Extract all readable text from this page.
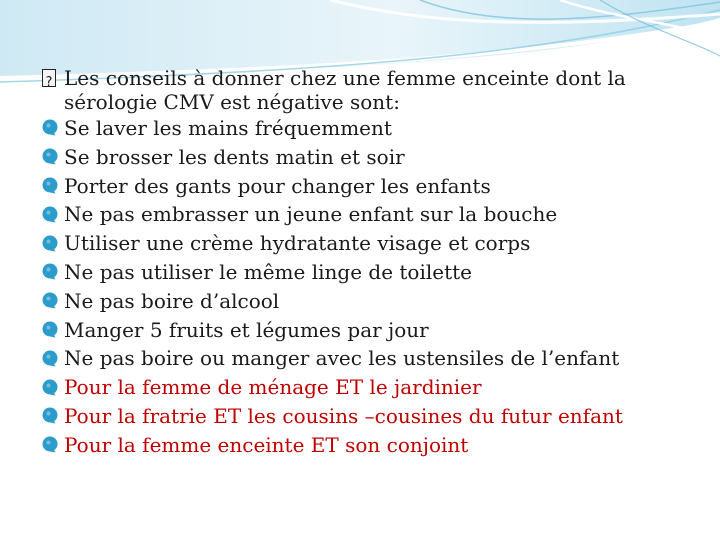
?
Les conseils à donner chez une femme enceinte dont la sérologie CMV est négative sont:
Se laver les mains fréquemment
Se brosser les dents matin et soir
Porter des gants pour changer les enfants
Ne pas embrasser un jeune enfant sur la bouche
Utiliser une crème hydratante visage et corps
Ne pas utiliser le même linge de toilette
Ne pas boire d’alcool
Manger 5 fruits et légumes par jour
Ne pas boire ou manger avec les ustensiles de l’enfant
Pour la femme de ménage ET le jardinier
Pour la fratrie ET les cousins –cousines du futur enfant
Pour la femme enceinte ET son conjoint
